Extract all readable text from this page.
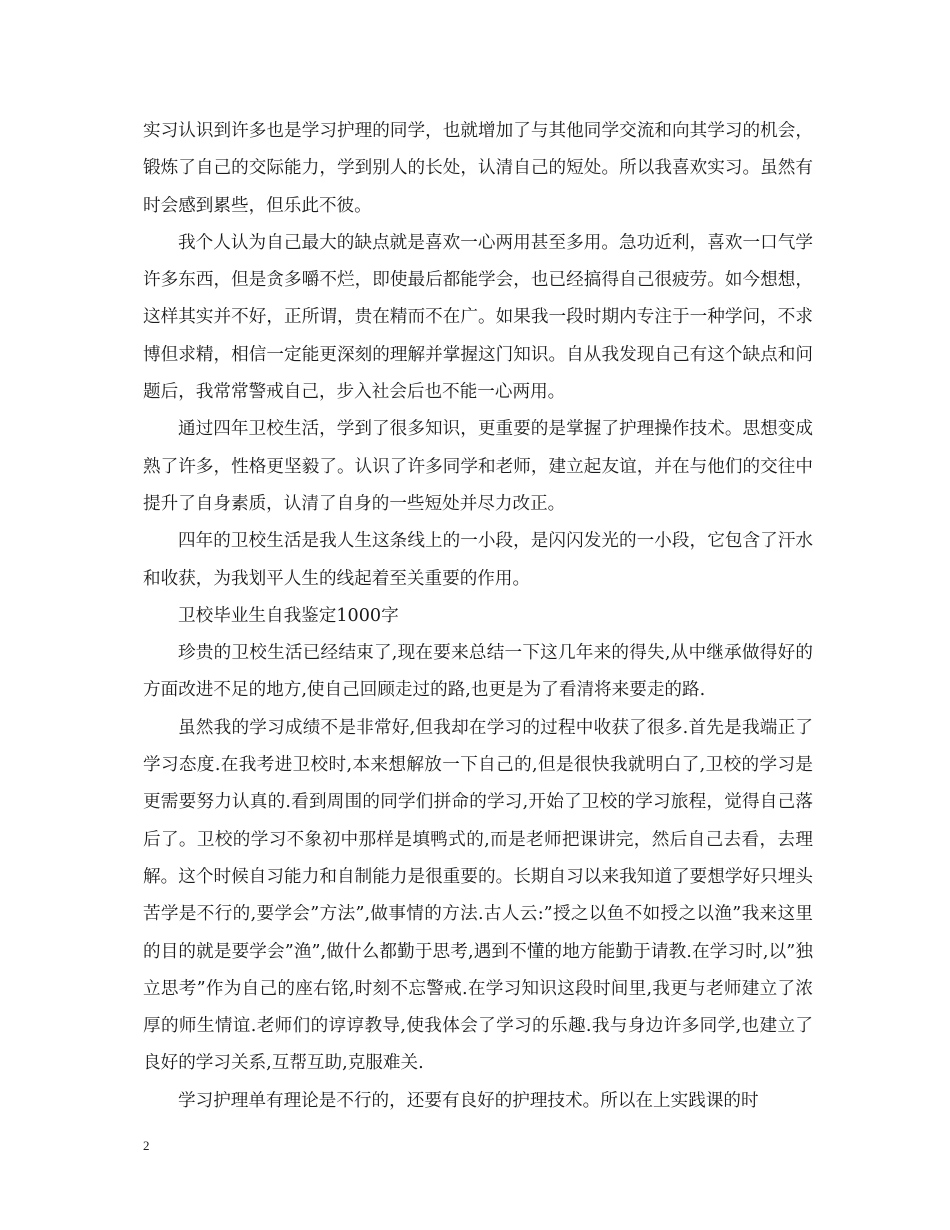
实习认识到许多也是学习护理的同学，也就增加了与其他同学交流和向其学习的机会，锻炼了自己的交际能力，学到别人的长处，认清自己的短处。所以我喜欢实习。虽然有时会感到累些，但乐此不彼。

我个人认为自己最大的缺点就是喜欢一心两用甚至多用。急功近利，喜欢一口气学许多东西，但是贪多嚼不烂，即使最后都能学会，也已经搞得自己很疲劳。如今想想，这样其实并不好，正所谓，贵在精而不在广。如果我一段时期内专注于一种学问，不求博但求精，相信一定能更深刻的理解并掌握这门知识。自从我发现自己有这个缺点和问题后，我常常警戒自己，步入社会后也不能一心两用。

通过四年卫校生活，学到了很多知识，更重要的是掌握了护理操作技术。思想变成熟了许多，性格更坚毅了。认识了许多同学和老师，建立起友谊，并在与他们的交往中提升了自身素质，认清了自身的一些短处并尽力改正。

四年的卫校生活是我人生这条线上的一小段，是闪闪发光的一小段，它包含了汗水和收获，为我划平人生的线起着至关重要的作用。

卫校毕业生自我鉴定1000字

珍贵的卫校生活已经结束了,现在要来总结一下这几年来的得失,从中继承做得好的方面改进不足的地方,使自己回顾走过的路,也更是为了看清将来要走的路.

虽然我的学习成绩不是非常好,但我却在学习的过程中收获了很多.首先是我端正了学习态度.在我考进卫校时,本来想解放一下自己的,但是很快我就明白了,卫校的学习是更需要努力认真的.看到周围的同学们拼命的学习,开始了卫校的学习旅程，觉得自己落后了。卫校的学习不象初中那样是填鸭式的,而是老师把课讲完，然后自己去看，去理解。这个时候自习能力和自制能力是很重要的。长期自习以来我知道了要想学好只埋头苦学是不行的,要学会”方法”,做事情的方法.古人云:”授之以鱼不如授之以渔”我来这里的目的就是要学会”渔”,做什么都勤于思考,遇到不懂的地方能勤于请教.在学习时,以”独立思考”作为自己的座右铭,时刻不忘警戒.在学习知识这段时间里,我更与老师建立了浓厚的师生情谊.老师们的谆谆教导,使我体会了学习的乐趣.我与身边许多同学,也建立了良好的学习关系,互帮互助,克服难关.

学习护理单有理论是不行的，还要有良好的护理技术。所以在上实践课的时

2
